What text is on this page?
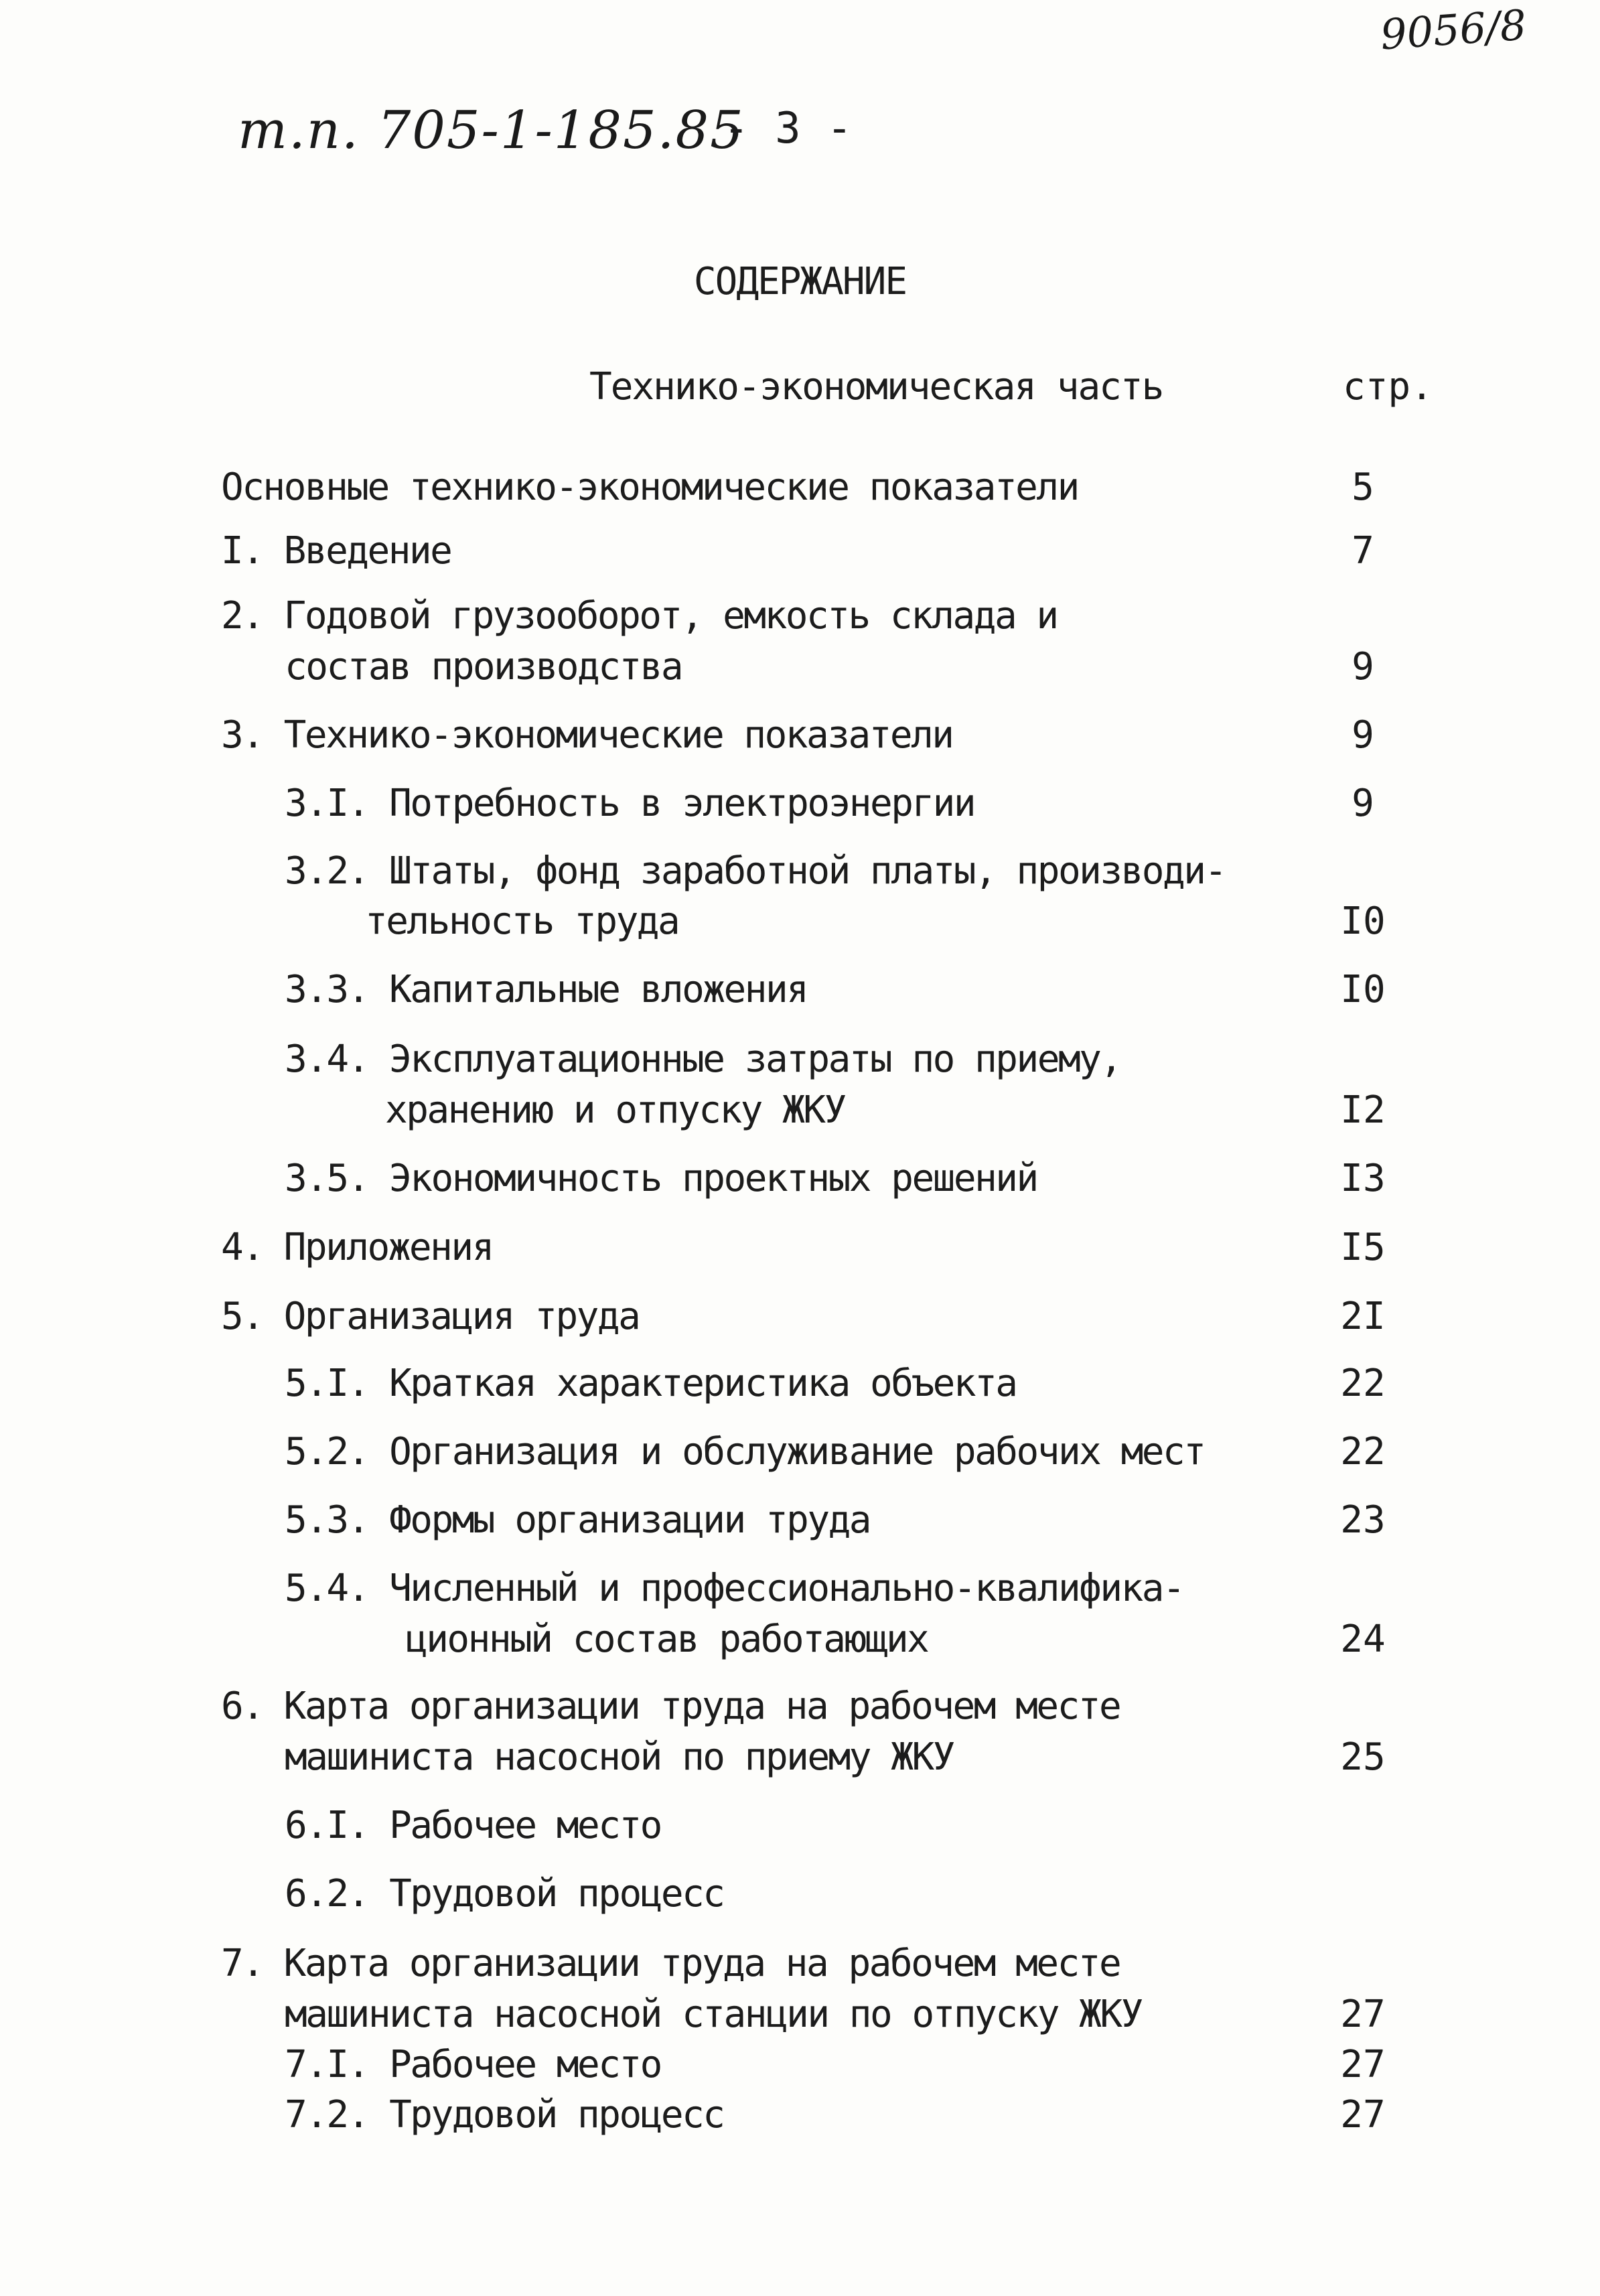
9056/8
т.п. 705-1-185.85
- 3 -
СОДЕРЖАНИЕ
Технико-экономическая часть	стр.
Основные технико-экономические показатели	5
I. Введение	7
2. Годовой грузооборот, емкость склада и
состав производства	9
3. Технико-экономические показатели	9
3.I. Потребность в электроэнергии	9
3.2. Штаты, фонд заработной платы, производи-
тельность труда	I0
3.3. Капитальные вложения	I0
3.4. Эксплуатационные затраты по приему,
хранению и отпуску ЖКУ	I2
3.5. Экономичность проектных решений	I3
4. Приложения	I5
5. Организация труда	2I
5.I. Краткая характеристика объекта	22
5.2. Организация и обслуживание рабочих мест	22
5.3. Формы организации труда	23
5.4. Численный и профессионально-квалифика-
ционный состав работающих	24
6. Карта организации труда на рабочем месте
машиниста насосной по приему ЖКУ	25
6.I. Рабочее место
6.2. Трудовой процесс
7. Карта организации труда на рабочем месте
машиниста насосной станции по отпуску ЖКУ	27
7.I. Рабочее место	27
7.2. Трудовой процесс	27
